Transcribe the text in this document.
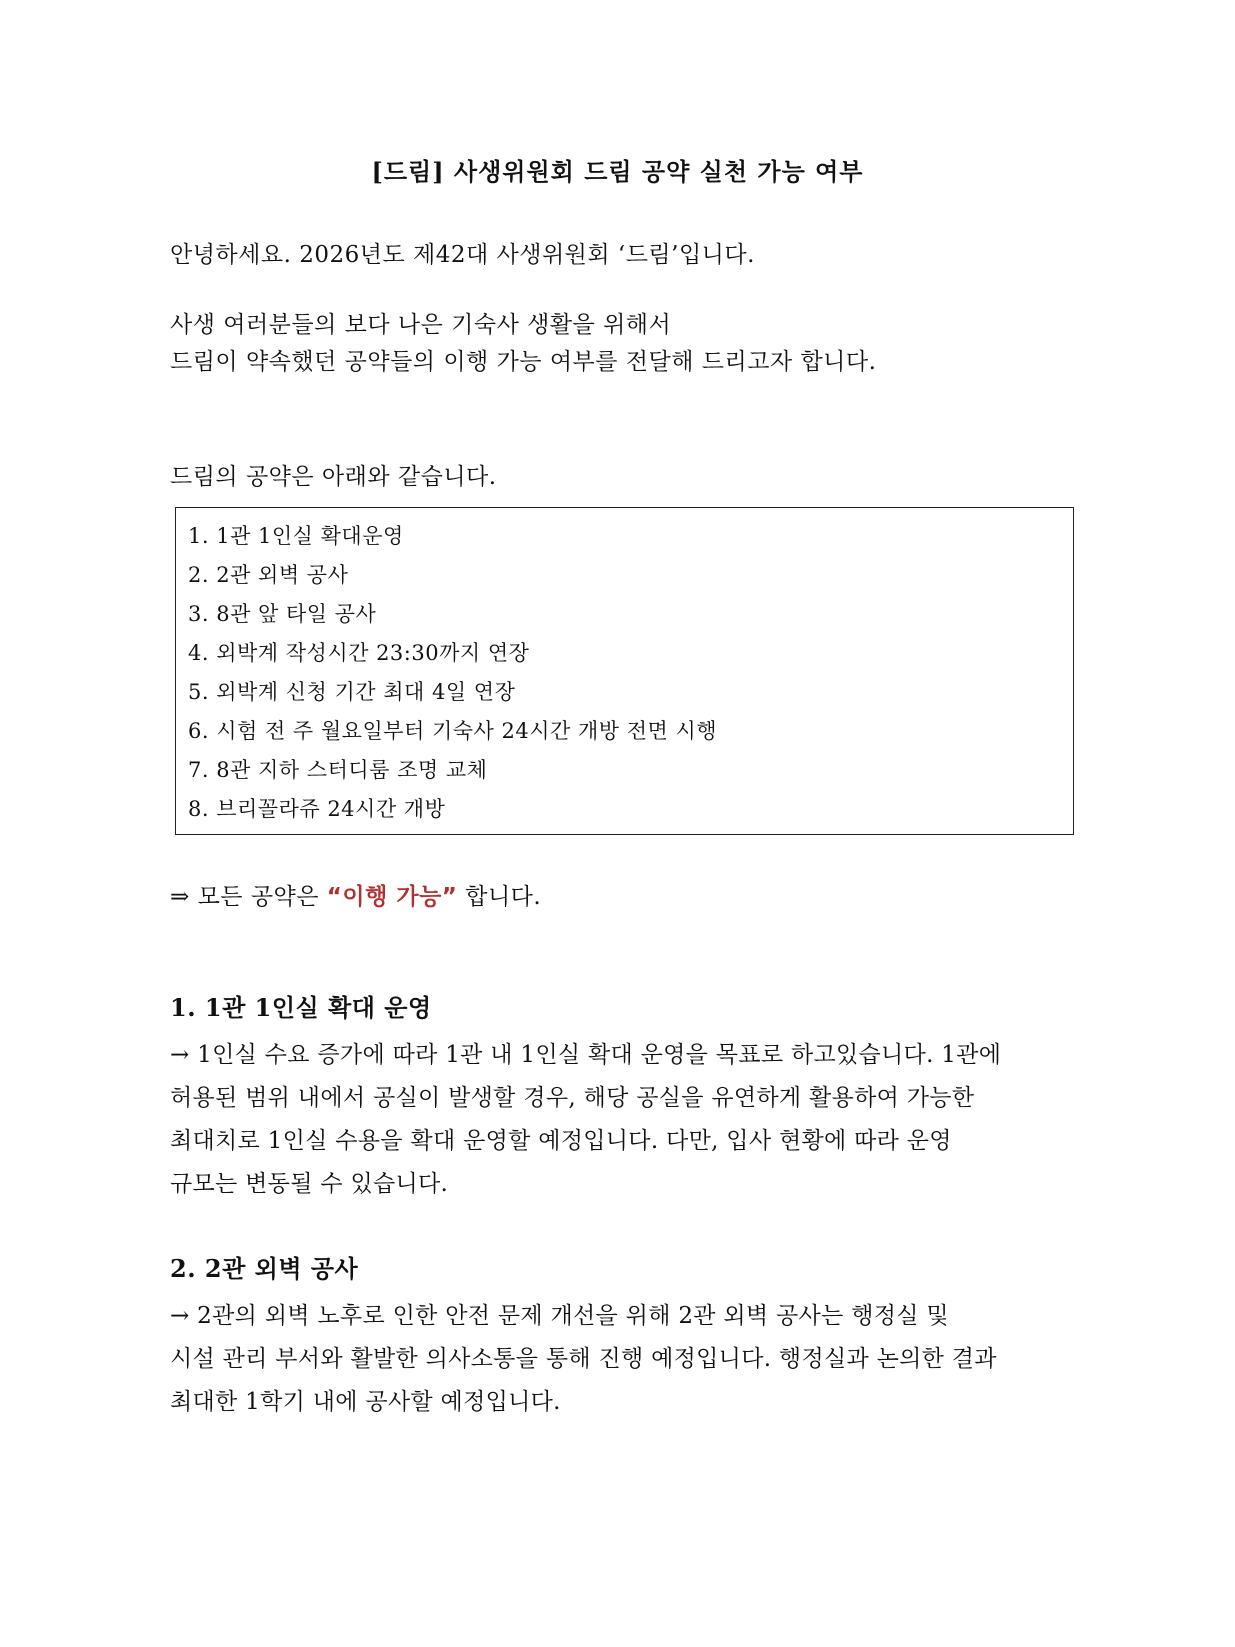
[드림] 사생위원회 드림 공약 실천 가능 여부
안녕하세요. 2026년도 제42대 사생위원회 ‘드림’입니다.
사생 여러분들의 보다 나은 기숙사 생활을 위해서
드림이 약속했던 공약들의 이행 가능 여부를 전달해 드리고자 합니다.
드림의 공약은 아래와 같습니다.
1. 1관 1인실 확대운영
2. 2관 외벽 공사
3. 8관 앞 타일 공사
4. 외박계 작성시간 23:30까지 연장
5. 외박계 신청 기간 최대 4일 연장
6. 시험 전 주 월요일부터 기숙사 24시간 개방 전면 시행
7. 8관 지하 스터디룸 조명 교체
8. 브리꼴라쥬 24시간 개방
⇒ 모든 공약은 “이행 가능” 합니다.
1. 1관 1인실 확대 운영
→ 1인실 수요 증가에 따라 1관 내 1인실 확대 운영을 목표로 하고있습니다. 1관에
허용된 범위 내에서 공실이 발생할 경우, 해당 공실을 유연하게 활용하여 가능한
최대치로 1인실 수용을 확대 운영할 예정입니다. 다만, 입사 현황에 따라 운영
규모는 변동될 수 있습니다.
2. 2관 외벽 공사
→ 2관의 외벽 노후로 인한 안전 문제 개선을 위해 2관 외벽 공사는 행정실 및
시설 관리 부서와 활발한 의사소통을 통해 진행 예정입니다. 행정실과 논의한 결과
최대한 1학기 내에 공사할 예정입니다.
